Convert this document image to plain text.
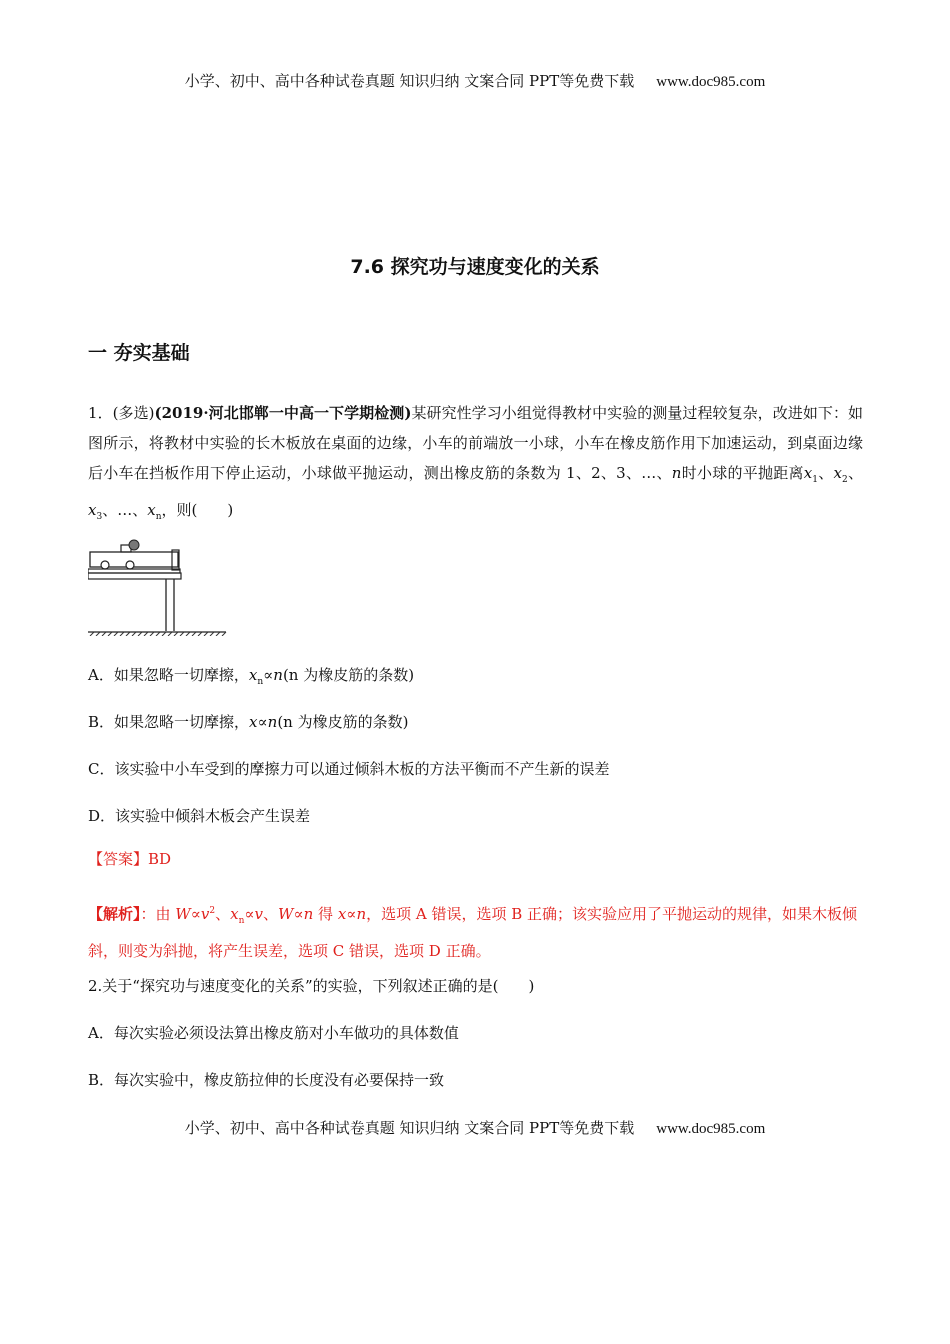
小学、初中、高中各种试卷真题 知识归纳 文案合同 PPT等免费下载 www.doc985.com
7.6 探究功与速度变化的关系
一 夯实基础
1．(多选)(2019·河北邯郸一中高一下学期检测)某研究性学习小组觉得教材中实验的测量过程较复杂，改进如下：如图所示，将教材中实验的长木板放在桌面的边缘，小车的前端放一小球，小车在橡皮筋作用下加速运动，到桌面边缘后小车在挡板作用下停止运动，小球做平抛运动，测出橡皮筋的条数为 1、2、3、…、n时小球的平抛距离$x_1$、$x_2$、$x_3$、…、$x_n$，则(　　)
A．如果忽略一切摩擦，$x_n\propto n(n$ 为橡皮筋的条数)
B．如果忽略一切摩擦，x∝n(n 为橡皮筋的条数)
C．该实验中小车受到的摩擦力可以通过倾斜木板的方法平衡而不产生新的误差
D．该实验中倾斜木板会产生误差
【答案】BD
【解析】：由 $W\propto v^2$、$x_n\propto v$、W∝n 得 x∝n，选项 A 错误，选项 B 正确；该实验应用了平抛运动的规律，如果木板倾斜，则变为斜抛，将产生误差，选项 C 错误，选项 D 正确。
2.关于“探究功与速度变化的关系”的实验，下列叙述正确的是(　　)
A．每次实验必须设法算出橡皮筋对小车做功的具体数值
B．每次实验中，橡皮筋拉伸的长度没有必要保持一致
小学、初中、高中各种试卷真题 知识归纳 文案合同 PPT等免费下载 www.doc985.com
